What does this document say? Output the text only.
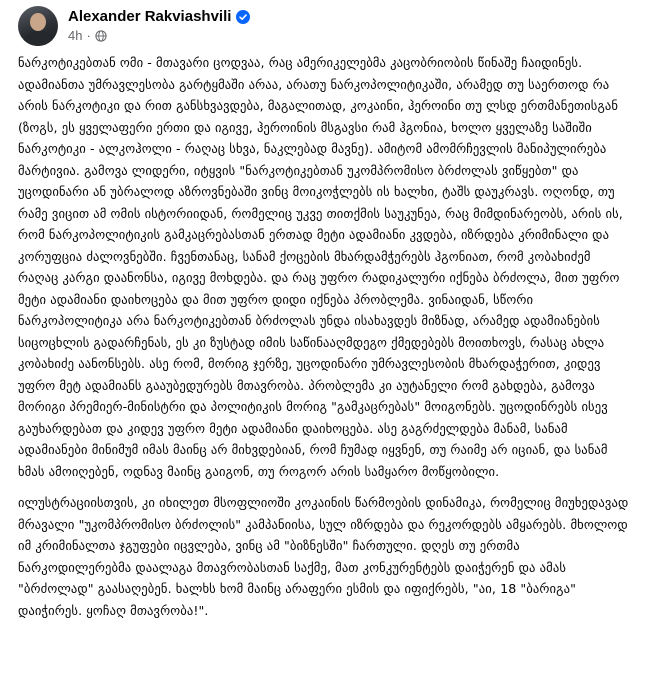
Alexander Rakviashvili
4h ·

ნარკოტიკებთან ომი - მთავარი ცოდვაა, რაც ამერიკელებმა კაცობრიობის წინაშე ჩაიდინეს. ადამიანთა უმრავლესობა გარტყმაში არაა, არათუ ნარკოპოლიტიკაში, არამედ თუ საერთოდ რა არის ნარკოტიკი და რით განსხვავდება, მაგალითად, კოკაინი, ჰეროინი თუ ლსდ ერთმანეთისგან (ზოგს, ეს ყველაფერი ერთი და იგივე, ჰეროინის მსგავსი რამ ჰგონია, ხოლო ყველაზე საშიში ნარკოტიკი - ალკოჰოლი - რაღაც სხვა, ნაკლებად მავნე). ამიტომ ამომრჩევლის მანიპულირება მარტივია. გამოვა ლიდერი, იტყვის "ნარკოტიკებთან უკომპრომისო ბრძოლას ვიწყებთ" და უცოდინარი ან უბრალოდ აზროვნებაში ვინც მოიკოჭლებს ის ხალხი, ტაშს დაუკრავს. ოღონდ, თუ რამე ვიცით ამ ომის ისტორიიდან, რომელიც უკვე თითქმის საუკუნეა, რაც მიმდინარეობს, არის ის, რომ ნარკოპოლიტიკის გამკაცრებასთან ერთად მეტი ადამიანი კვდება, იზრდება კრიმინალი და კორუფცია ძალოვნებში. ჩვენთანაც, სანამ ქოცების მხარდამჭერებს ჰგონიათ, რომ კობახიძემ რაღაც კარგი დაანონსა, იგივე მოხდება. და რაც უფრო რადიკალური იქნება ბრძოლა, მით უფრო მეტი ადამიანი დაიხოცება და მით უფრო დიდი იქნება პრობლემა. ვინაიდან, სწორი ნარკოპოლიტიკა არა ნარკოტიკებთან ბრძოლას უნდა ისახავდეს მიზნად, არამედ ადამიანების სიცოცხლის გადარჩენას, ეს კი ზუსტად იმის საწინააღმდეგო ქმედებებს მოითხოვს, რასაც ახლა კობახიძე აანონსებს. ასე რომ, მორიგ ჯერზე, უცოდინარი უმრავლესობის მხარდაჭერით, კიდევ უფრო მეტ ადამიანს გააუბედურებს მთავრობა. პრობლემა კი აუტანელი რომ გახდება, გამოვა მორიგი პრემიერ-მინისტრი და პოლიტიკის მორიგ "გამკაცრებას" მოიგონებს. უცოდინრებს ისევ გაუხარდებათ და კიდევ უფრო მეტი ადამიანი დაიხოცება. ასე გაგრძელდება მანამ, სანამ ადამიანები მინიმუმ იმას მაინც არ მიხვდებიან, რომ ჩუმად იყვნენ, თუ რაიმე არ იციან, და სანამ ხმას ამოიღებენ, ოდნავ მაინც გაიგონ, თუ როგორ არის სამყარო მოწყობილი.

ილუსტრაციისთვის, კი იხილეთ მსოფლიოში კოკაინის წარმოების დინამიკა, რომელიც მიუხედავად მრავალი "უკომპრომისო ბრძოლის" კამპანიისა, სულ იზრდება და რეკორდებს ამყარებს. მხოლოდ იმ კრიმინალთა ჯგუფები იცვლება, ვინც ამ "ბიზნესში" ჩართული. დღეს თუ ერთმა ნარკოდილერებმა დაალაგა მთავრობასთან საქმე, მათ კონკურენტებს დაიჭერენ და ამას "ბრძოლად" გაასაღებენ. ხალხს ხომ მაინც არაფერი ესმის და იფიქრებს, "აი, 18 "ბარიგა" დაიჭირეს. ყოჩაღ მთავრობა!".
